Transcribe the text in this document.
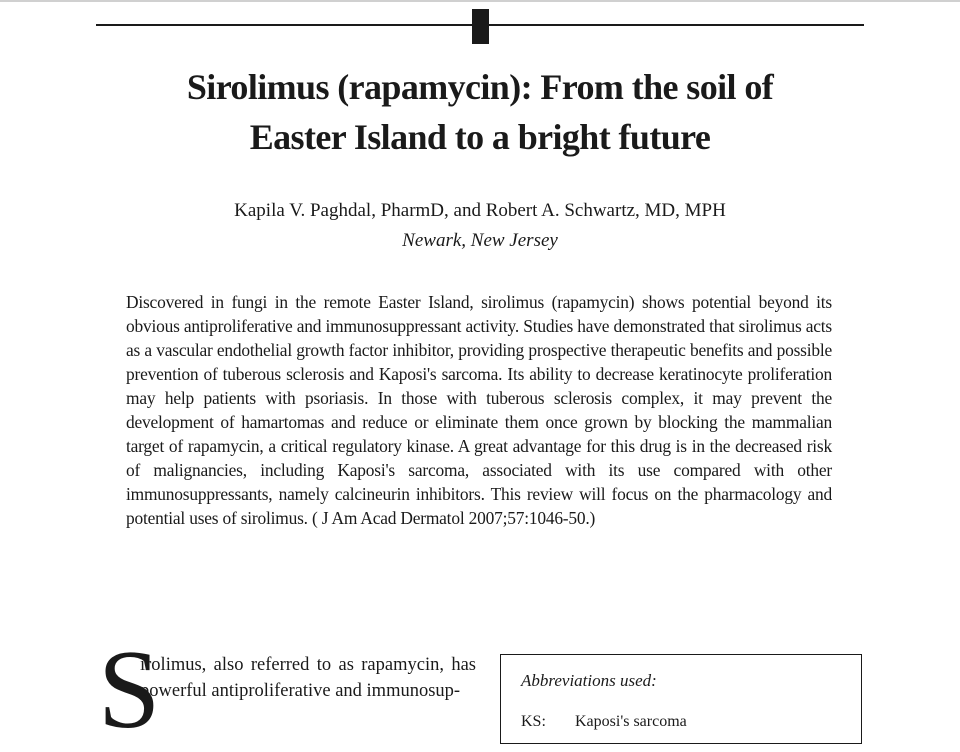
Sirolimus (rapamycin): From the soil of
Easter Island to a bright future
Kapila V. Paghdal, PharmD, and Robert A. Schwartz, MD, MPH
Newark, New Jersey

Discovered in fungi in the remote Easter Island, sirolimus (rapamycin) shows potential beyond its obvious antiproliferative and immunosuppressant activity. Studies have demonstrated that sirolimus acts as a vascular endothelial growth factor inhibitor, providing prospective therapeutic benefits and possible prevention of tuberous sclerosis and Kaposi's sarcoma. Its ability to decrease keratinocyte proliferation may help patients with psoriasis. In those with tuberous sclerosis complex, it may prevent the development of hamartomas and reduce or eliminate them once grown by blocking the mammalian target of rapamycin, a critical regulatory kinase. A great advantage for this drug is in the decreased risk of malignancies, including Kaposi's sarcoma, associated with its use compared with other immunosuppressants, namely calcineurin inhibitors. This review will focus on the pharmacology and potential uses of sirolimus. ( J Am Acad Dermatol 2007;57:1046-50.)

S

irolimus, also referred to as rapamycin, has powerful antiproliferative and immunosup-

Abbreviations used:
KS: Kaposi's sarcoma
